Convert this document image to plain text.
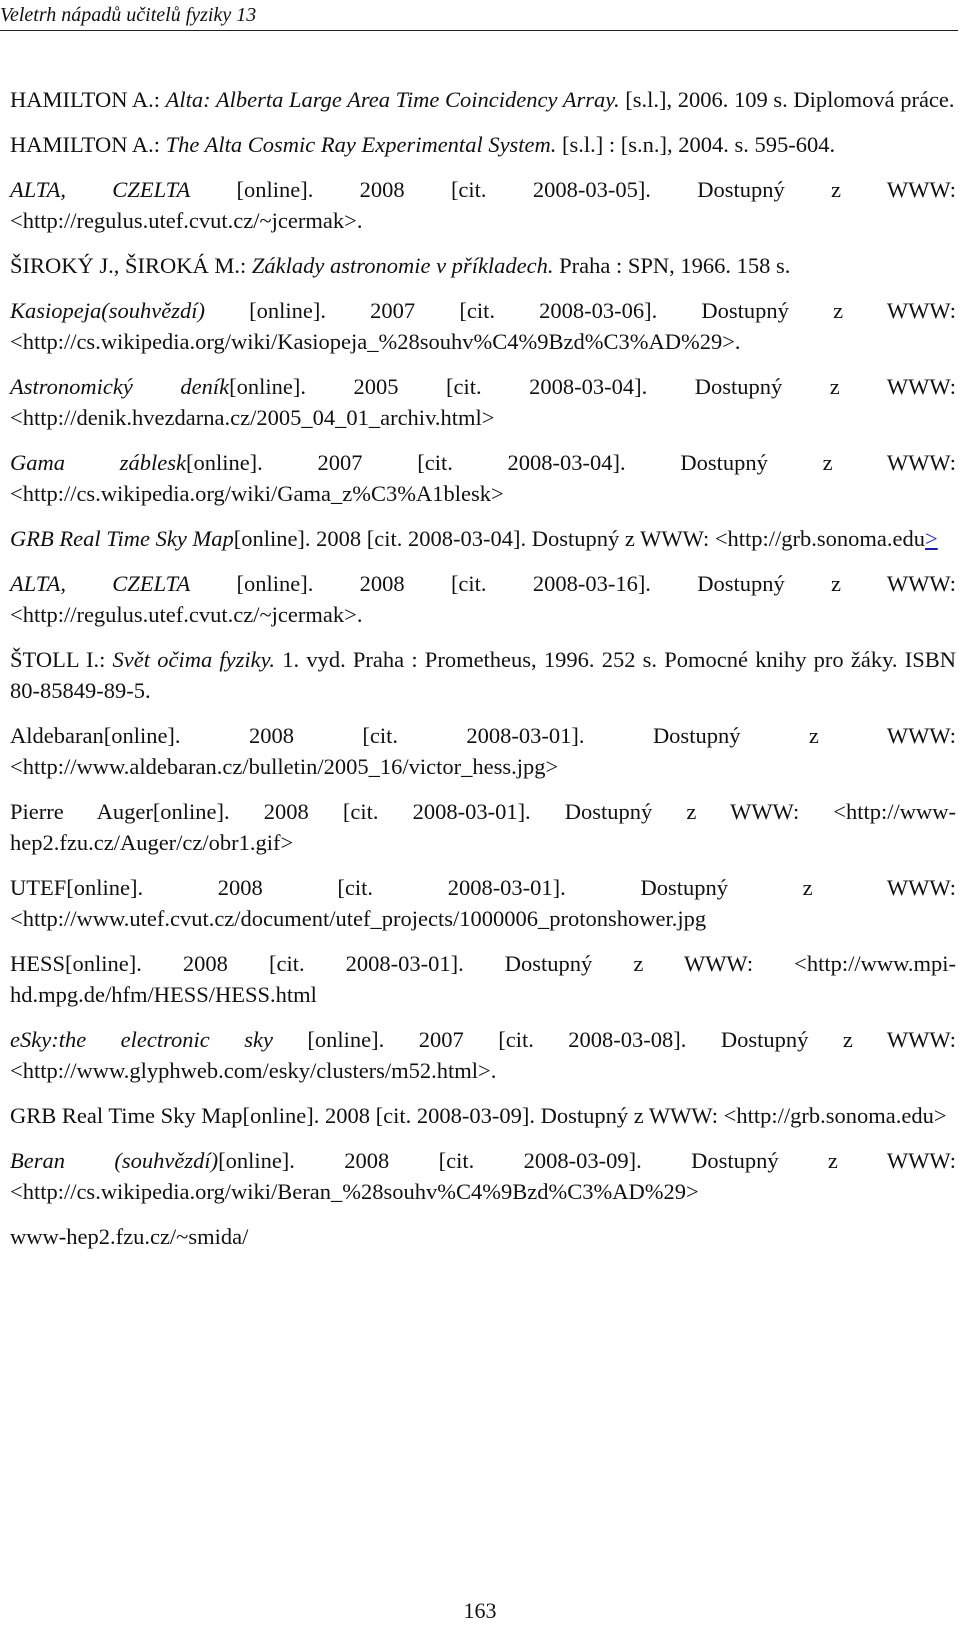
Veletrh nápadů učitelů fyziky 13

HAMILTON A.: Alta: Alberta Large Area Time Coincidency Array. [s.l.], 2006. 109 s. Diplomová práce.

HAMILTON A.: The Alta Cosmic Ray Experimental System. [s.l.] : [s.n.], 2004. s. 595-604.

ALTA, CZELTA [online]. 2008 [cit. 2008-03-05]. Dostupný z WWW: <http://regulus.utef.cvut.cz/~jcermak>.

ŠIROKÝ J., ŠIROKÁ M.: Základy astronomie v příkladech. Praha : SPN, 1966. 158 s.

Kasiopeja(souhvězdí) [online]. 2007 [cit. 2008-03-06]. Dostupný z WWW: <http://cs.wikipedia.org/wiki/Kasiopeja_%28souhv%C4%9Bzd%C3%AD%29>.

Astronomický deník[online]. 2005 [cit. 2008-03-04]. Dostupný z WWW: <http://denik.hvezdarna.cz/2005_04_01_archiv.html>

Gama záblesk[online]. 2007 [cit. 2008-03-04]. Dostupný z WWW: <http://cs.wikipedia.org/wiki/Gama_z%C3%A1blesk>

GRB Real Time Sky Map[online]. 2008 [cit. 2008-03-04]. Dostupný z WWW: <http://grb.sonoma.edu>

ALTA, CZELTA [online]. 2008 [cit. 2008-03-16]. Dostupný z WWW: <http://regulus.utef.cvut.cz/~jcermak>.

ŠTOLL I.: Svět očima fyziky. 1. vyd. Praha : Prometheus, 1996. 252 s. Pomocné knihy pro žáky. ISBN 80-85849-89-5.

Aldebaran[online]. 2008 [cit. 2008-03-01]. Dostupný z WWW: <http://www.aldebaran.cz/bulletin/2005_16/victor_hess.jpg>

Pierre Auger[online]. 2008 [cit. 2008-03-01]. Dostupný z WWW: <http://www-hep2.fzu.cz/Auger/cz/obr1.gif>

UTEF[online]. 2008 [cit. 2008-03-01]. Dostupný z WWW: <http://www.utef.cvut.cz/document/utef_projects/1000006_protonshower.jpg

HESS[online]. 2008 [cit. 2008-03-01]. Dostupný z WWW: <http://www.mpi-hd.mpg.de/hfm/HESS/HESS.html

eSky:the electronic sky [online]. 2007 [cit. 2008-03-08]. Dostupný z WWW: <http://www.glyphweb.com/esky/clusters/m52.html>.

GRB Real Time Sky Map[online]. 2008 [cit. 2008-03-09]. Dostupný z WWW: <http://grb.sonoma.edu>

Beran (souhvězdí)[online]. 2008 [cit. 2008-03-09]. Dostupný z WWW: <http://cs.wikipedia.org/wiki/Beran_%28souhv%C4%9Bzd%C3%AD%29>

www-hep2.fzu.cz/~smida/

163
